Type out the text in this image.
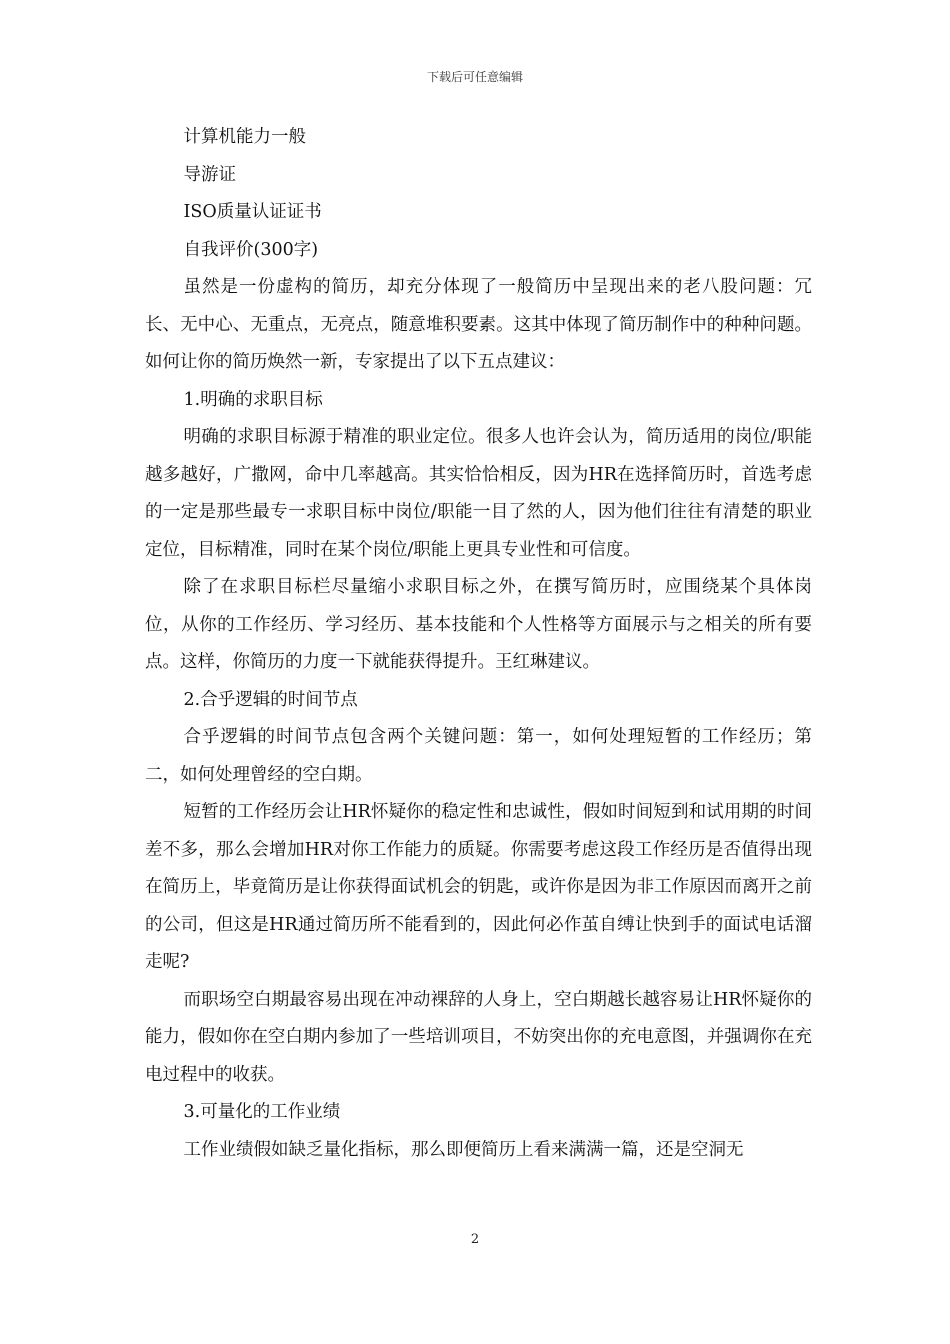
下载后可任意编辑

计算机能力一般

导游证

ISO质量认证证书

自我评价(300字)

虽然是一份虚构的简历，却充分体现了一般简历中呈现出来的老八股问题：冗长、无中心、无重点，无亮点，随意堆积要素。这其中体现了简历制作中的种种问题。如何让你的简历焕然一新，专家提出了以下五点建议：

1.明确的求职目标

明确的求职目标源于精准的职业定位。很多人也许会认为，简历适用的岗位/职能越多越好，广撒网，命中几率越高。其实恰恰相反，因为HR在选择简历时，首选考虑的一定是那些最专一求职目标中岗位/职能一目了然的人，因为他们往往有清楚的职业定位，目标精准，同时在某个岗位/职能上更具专业性和可信度。

除了在求职目标栏尽量缩小求职目标之外，在撰写简历时，应围绕某个具体岗位，从你的工作经历、学习经历、基本技能和个人性格等方面展示与之相关的所有要点。这样，你简历的力度一下就能获得提升。王红琳建议。

2.合乎逻辑的时间节点

合乎逻辑的时间节点包含两个关键问题：第一，如何处理短暂的工作经历；第二，如何处理曾经的空白期。

短暂的工作经历会让HR怀疑你的稳定性和忠诚性，假如时间短到和试用期的时间差不多，那么会增加HR对你工作能力的质疑。你需要考虑这段工作经历是否值得出现在简历上，毕竟简历是让你获得面试机会的钥匙，或许你是因为非工作原因而离开之前的公司，但这是HR通过简历所不能看到的，因此何必作茧自缚让快到手的面试电话溜走呢?

而职场空白期最容易出现在冲动裸辞的人身上，空白期越长越容易让HR怀疑你的能力，假如你在空白期内参加了一些培训项目，不妨突出你的充电意图，并强调你在充电过程中的收获。

3.可量化的工作业绩

工作业绩假如缺乏量化指标，那么即便简历上看来满满一篇，还是空洞无

2
